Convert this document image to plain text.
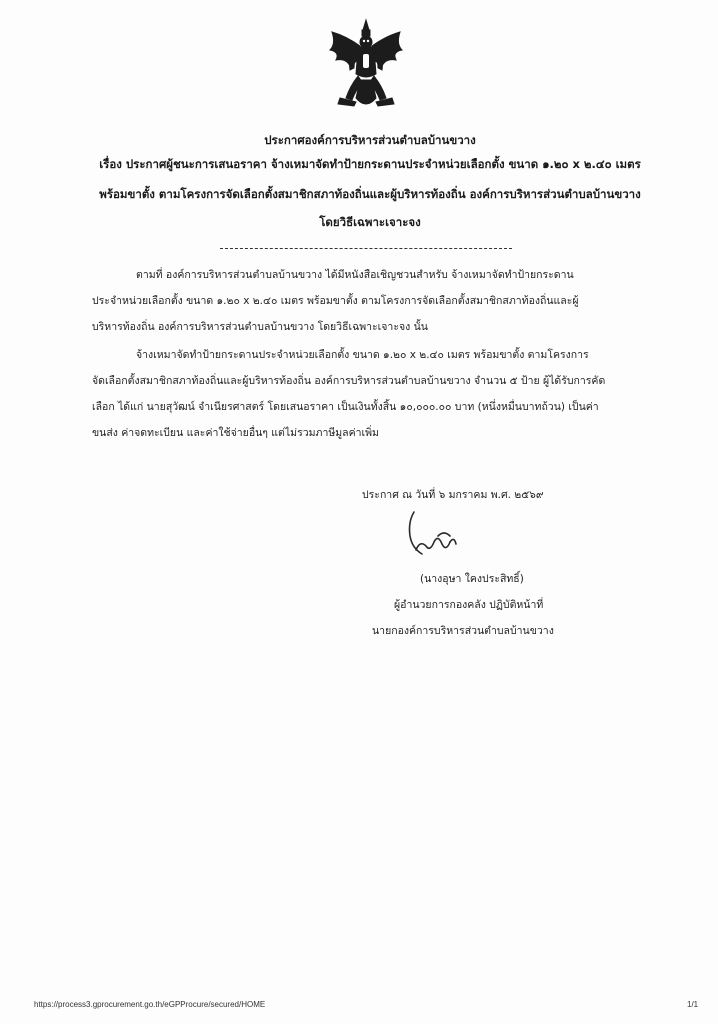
ประกาศองค์การบริหารส่วนตำบลบ้านขวาง
เรื่อง ประกาศผู้ชนะการเสนอราคา จ้างเหมาจัดทำป้ายกระดานประจำหน่วยเลือกตั้ง ขนาด ๑.๒๐ x ๒.๔๐ เมตร
พร้อมขาตั้ง ตามโครงการจัดเลือกตั้งสมาชิกสภาท้องถิ่นและผู้บริหารท้องถิ่น องค์การบริหารส่วนตำบลบ้านขวาง
โดยวิธีเฉพาะเจาะจง
ตามที่ องค์การบริหารส่วนตำบลบ้านขวาง ได้มีหนังสือเชิญชวนสำหรับ จ้างเหมาจัดทำป้ายกระดาน
ประจำหน่วยเลือกตั้ง ขนาด ๑.๒๐ x ๒.๔๐ เมตร พร้อมขาตั้ง ตามโครงการจัดเลือกตั้งสมาชิกสภาท้องถิ่นและผู้
บริหารท้องถิ่น องค์การบริหารส่วนตำบลบ้านขวาง โดยวิธีเฉพาะเจาะจง นั้น
จ้างเหมาจัดทำป้ายกระดานประจำหน่วยเลือกตั้ง ขนาด ๑.๒๐ x ๒.๔๐ เมตร พร้อมขาตั้ง ตามโครงการ
จัดเลือกตั้งสมาชิกสภาท้องถิ่นและผู้บริหารท้องถิ่น องค์การบริหารส่วนตำบลบ้านขวาง จำนวน ๕ ป้าย ผู้ได้รับการคัด
เลือก ได้แก่ นายสุวัฒน์ จำเนียรศาสตร์ โดยเสนอราคา เป็นเงินทั้งสิ้น ๑๐,๐๐๐.๐๐ บาท (หนึ่งหมื่นบาทถ้วน) เป็นค่า
ขนส่ง ค่าจดทะเบียน และค่าใช้จ่ายอื่นๆ แต่ไม่รวมภาษีมูลค่าเพิ่ม
ประกาศ ณ วันที่ ๖ มกราคม พ.ศ. ๒๕๖๙
(นางอุษา ใคงประสิทธิ์)
ผู้อำนวยการกองคลัง ปฏิบัติหน้าที่
นายกองค์การบริหารส่วนตำบลบ้านขวาง
https://process3.gprocurement.go.th/eGPProcure/secured/HOME	1/1
